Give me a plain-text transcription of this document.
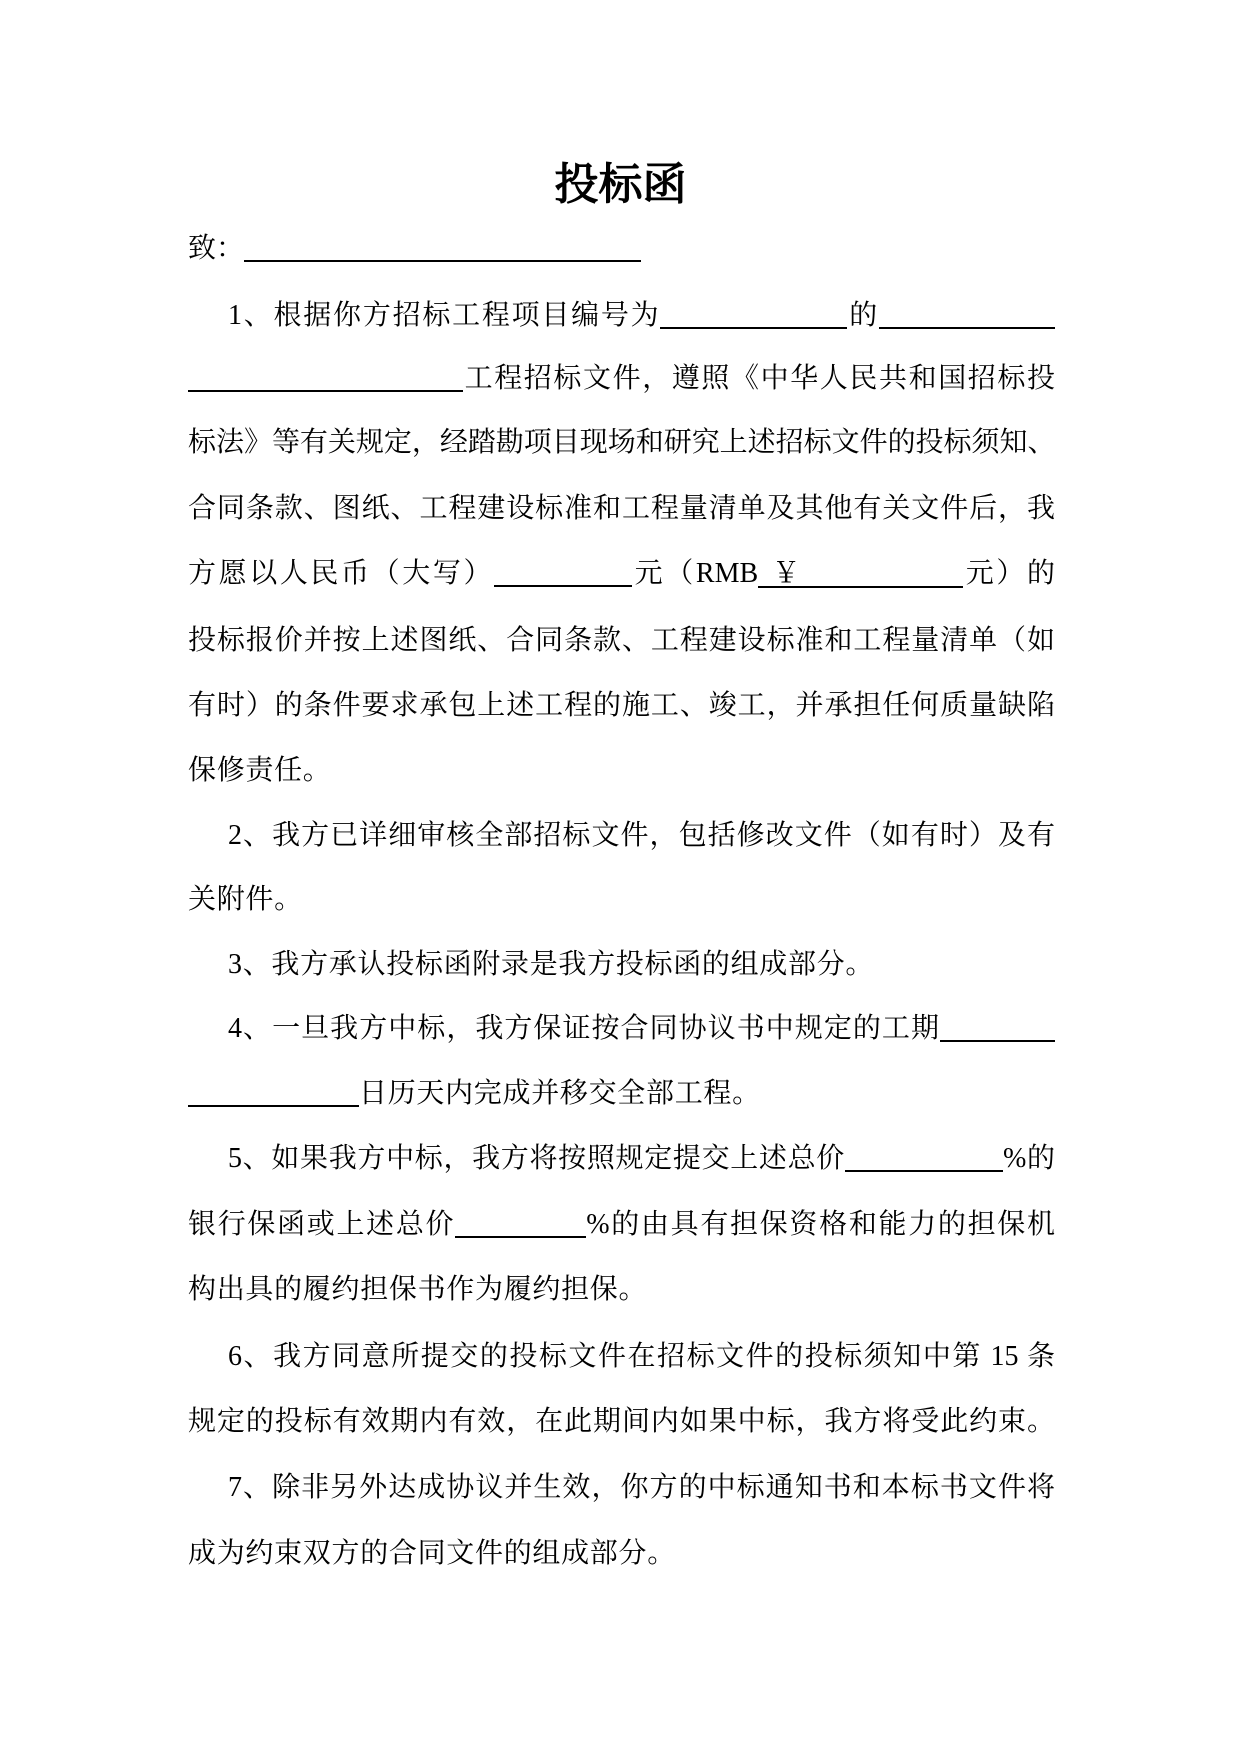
投标函
致：
1、根据你方招标工程项目编号为	的
工程招标文件，遵照《中华人民共和国招标投
标法》等有关规定，经踏勘项目现场和研究上述招标文件的投标须知、
合同条款、图纸、工程建设标准和工程量清单及其他有关文件后，我
方愿以人民币（大写）	元（RMB ￥	元）的
投标报价并按上述图纸、合同条款、工程建设标准和工程量清单（如
有时）的条件要求承包上述工程的施工、竣工，并承担任何质量缺陷
保修责任。
2、我方已详细审核全部招标文件，包括修改文件（如有时）及有
关附件。
3、我方承认投标函附录是我方投标函的组成部分。
4、一旦我方中标，我方保证按合同协议书中规定的工期
日历天内完成并移交全部工程。
5、如果我方中标，我方将按照规定提交上述总价	%的
银行保函或上述总价	%的由具有担保资格和能力的担保机
构出具的履约担保书作为履约担保。
6、我方同意所提交的投标文件在招标文件的投标须知中第 15 条
规定的投标有效期内有效，在此期间内如果中标，我方将受此约束。
7、除非另外达成协议并生效，你方的中标通知书和本标书文件将
成为约束双方的合同文件的组成部分。
